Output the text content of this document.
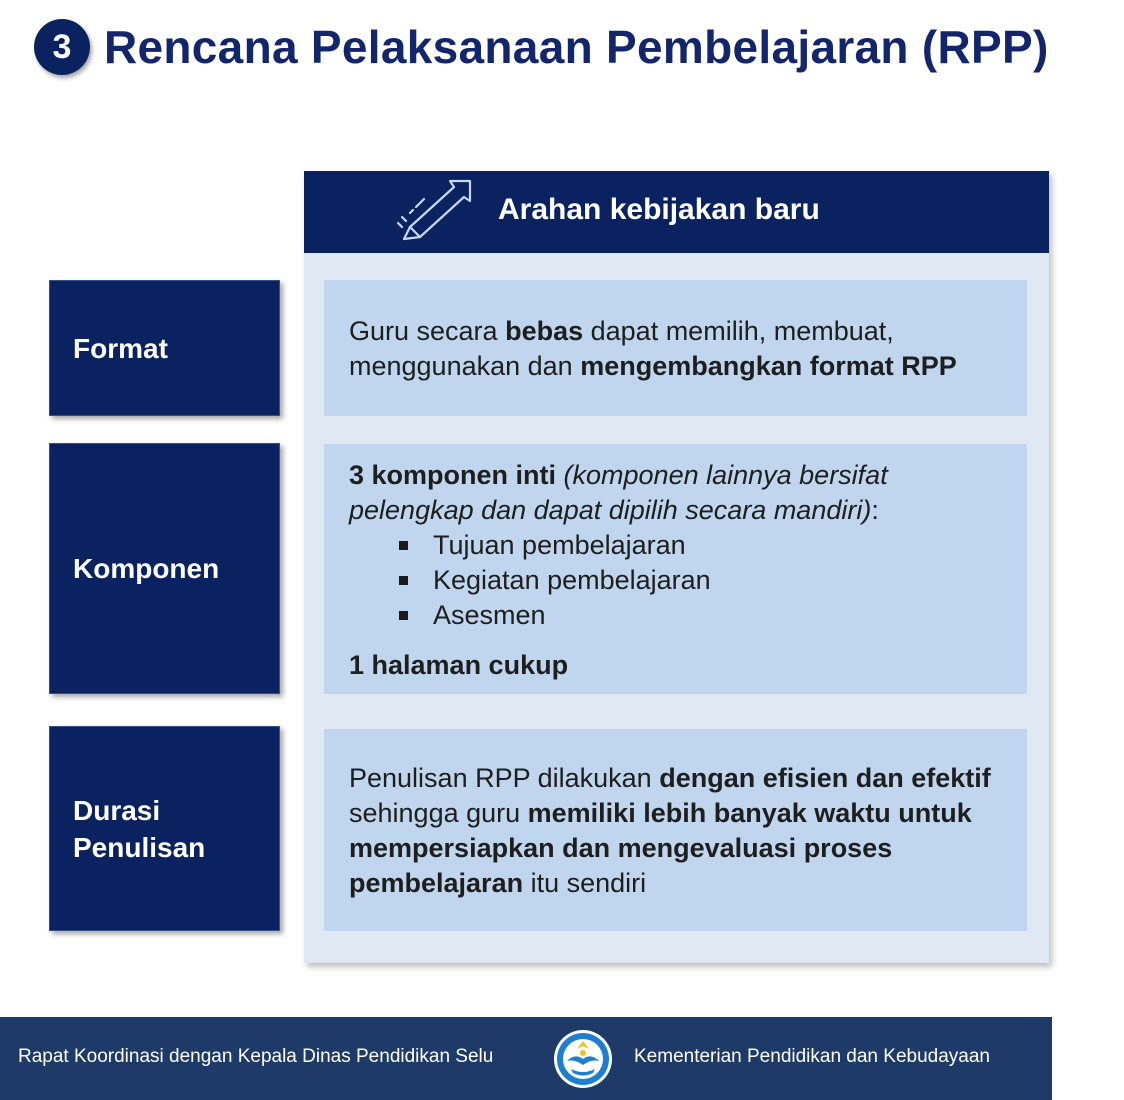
3 Rencana Pelaksanaan Pembelajaran (RPP)
Arahan kebijakan baru
Format
Guru secara bebas dapat memilih, membuat, menggunakan dan mengembangkan format RPP
Komponen
3 komponen inti (komponen lainnya bersifat pelengkap dan dapat dipilih secara mandiri):
Tujuan pembelajaran
Kegiatan pembelajaran
Asesmen
1 halaman cukup
Durasi
Penulisan
Penulisan RPP dilakukan dengan efisien dan efektif sehingga guru memiliki lebih banyak waktu untuk mempersiapkan dan mengevaluasi proses pembelajaran itu sendiri
Rapat Koordinasi dengan Kepala Dinas Pendidikan Selu	Kementerian Pendidikan dan Kebudayaan
